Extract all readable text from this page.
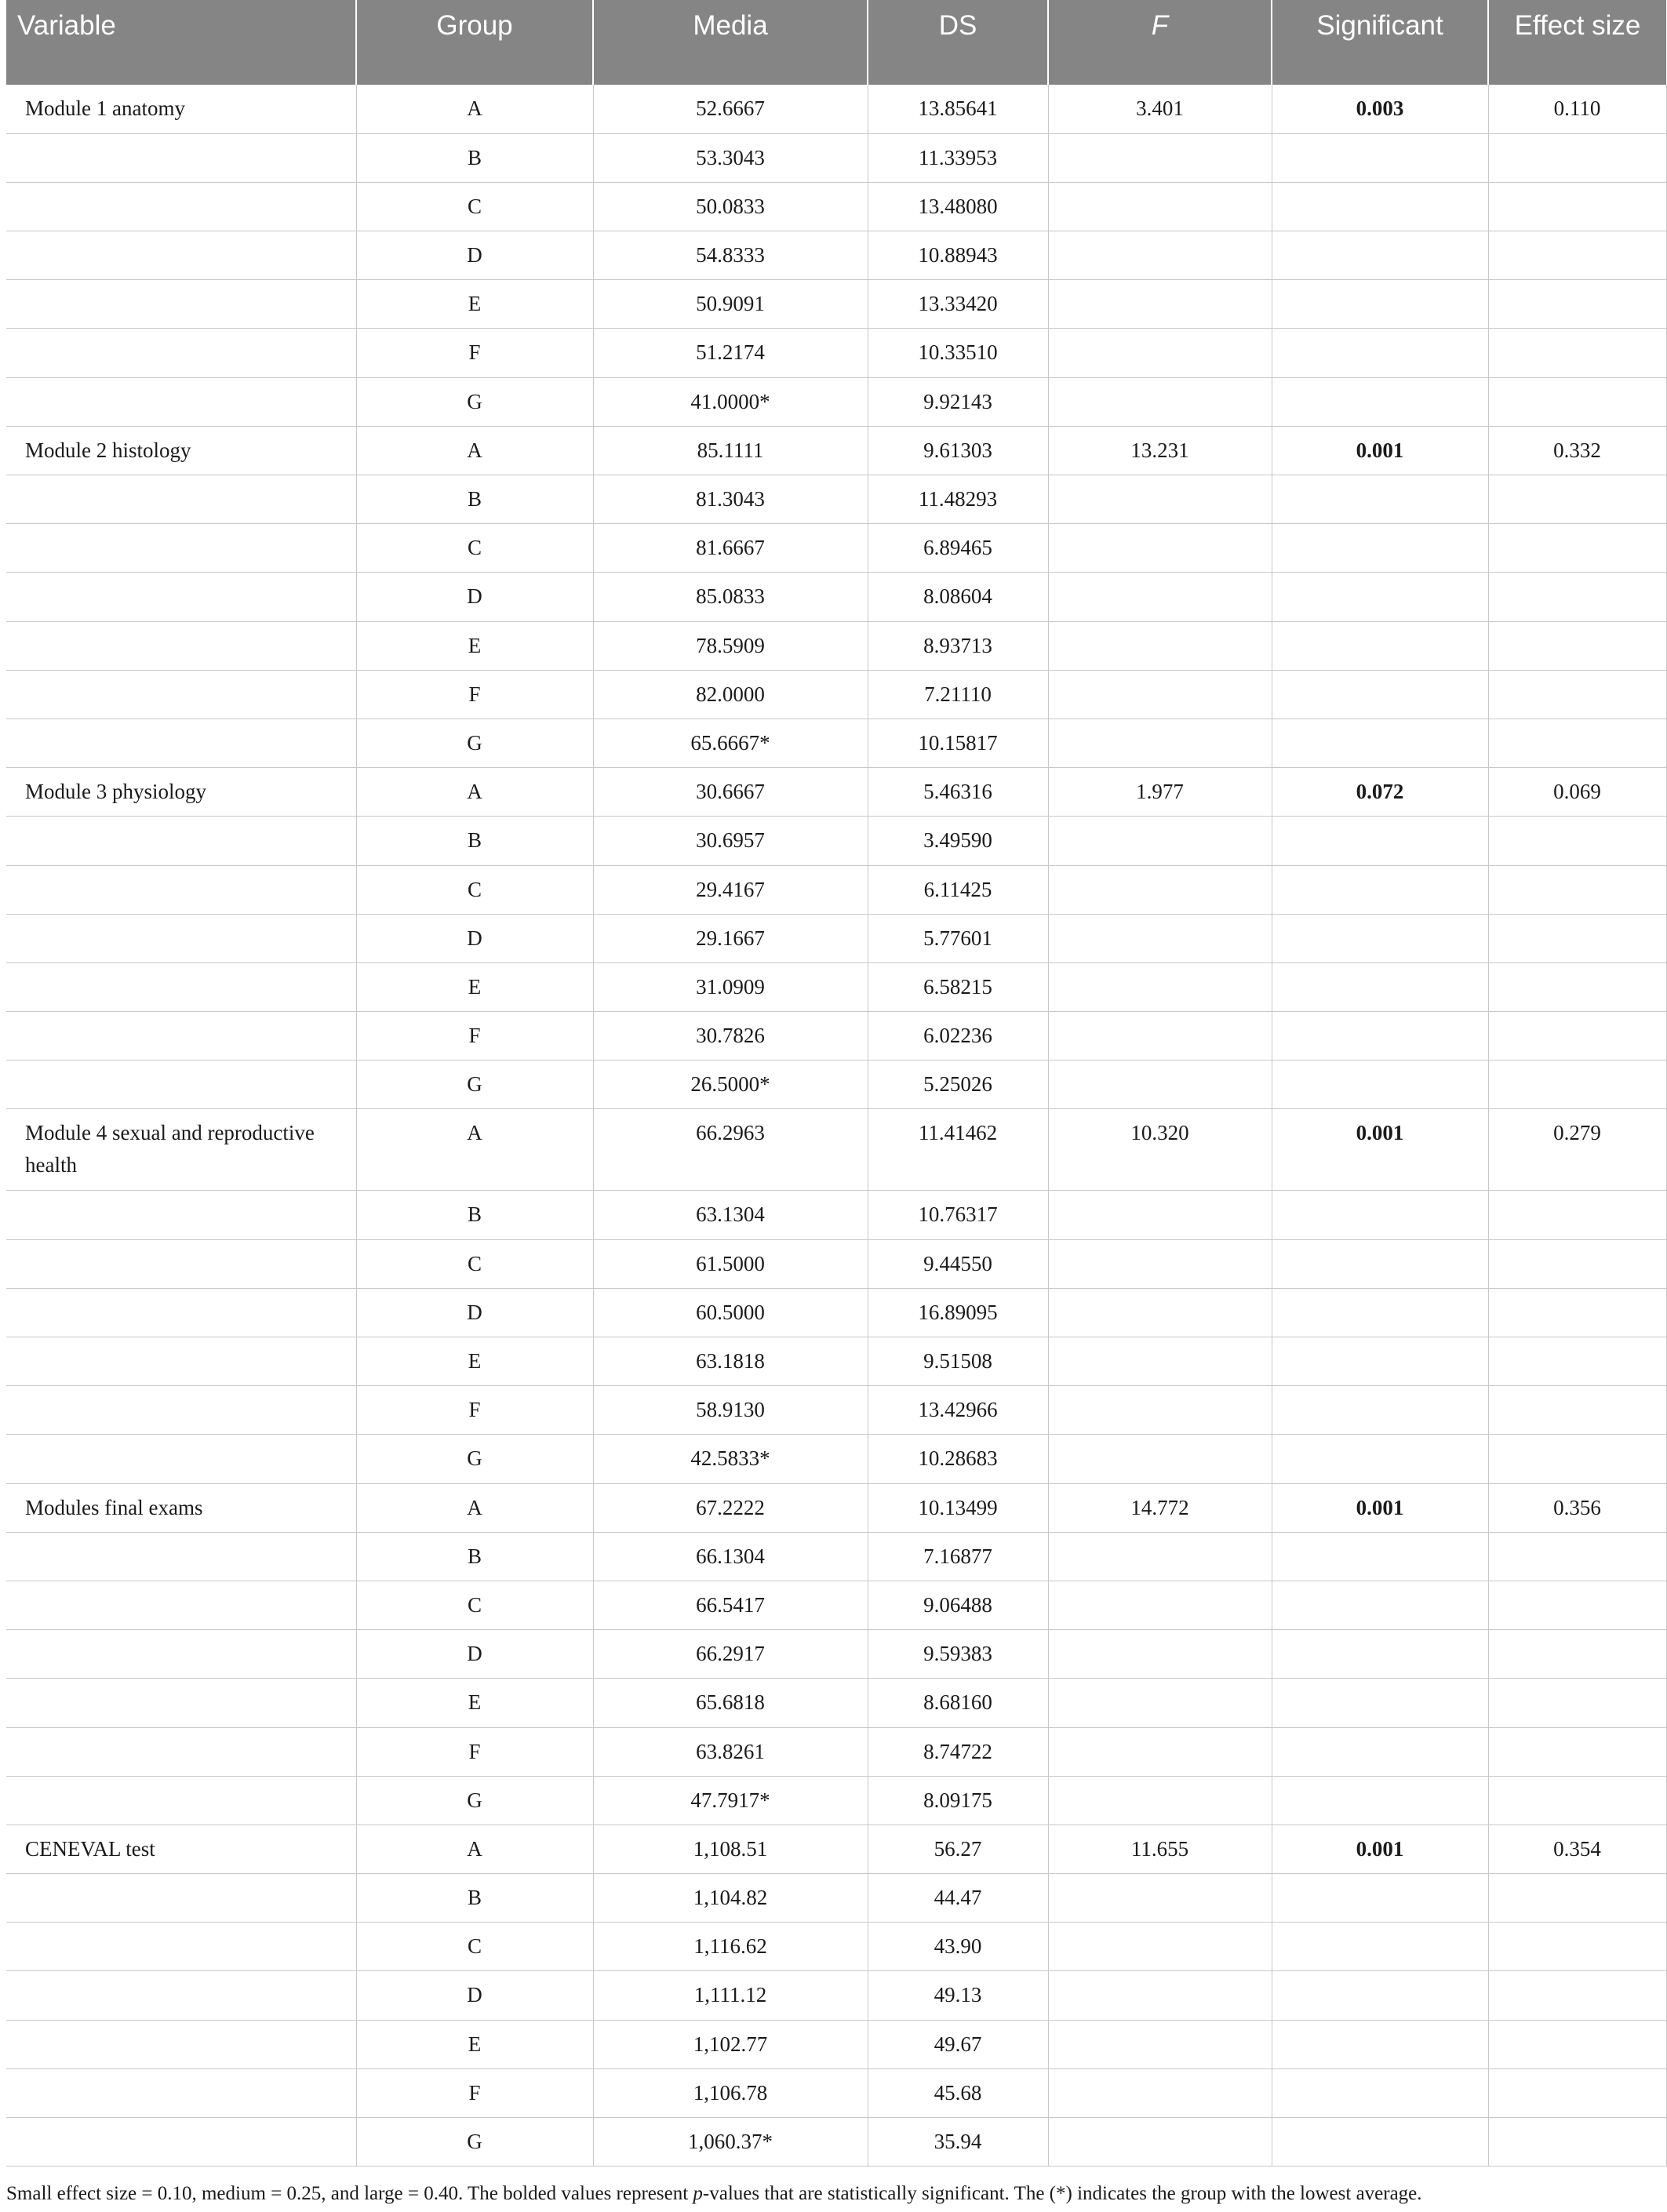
Variable	Group	Media	DS	F	Significant	Effect size

Module 1 anatomy	A	52.6667	13.85641	3.401	0.003	0.110
	B	53.3043	11.33953			
	C	50.0833	13.48080			
	D	54.8333	10.88943			
	E	50.9091	13.33420			
	F	51.2174	10.33510			
	G	41.0000*	9.92143			
Module 2 histology	A	85.1111	9.61303	13.231	0.001	0.332
	B	81.3043	11.48293			
	C	81.6667	6.89465			
	D	85.0833	8.08604			
	E	78.5909	8.93713			
	F	82.0000	7.21110			
	G	65.6667*	10.15817			
Module 3 physiology	A	30.6667	5.46316	1.977	0.072	0.069
	B	30.6957	3.49590			
	C	29.4167	6.11425			
	D	29.1667	5.77601			
	E	31.0909	6.58215			
	F	30.7826	6.02236			
	G	26.5000*	5.25026			
Module 4 sexual and reproductive health	A	66.2963	11.41462	10.320	0.001	0.279
	B	63.1304	10.76317			
	C	61.5000	9.44550			
	D	60.5000	16.89095			
	E	63.1818	9.51508			
	F	58.9130	13.42966			
	G	42.5833*	10.28683			
Modules final exams	A	67.2222	10.13499	14.772	0.001	0.356
	B	66.1304	7.16877			
	C	66.5417	9.06488			
	D	66.2917	9.59383			
	E	65.6818	8.68160			
	F	63.8261	8.74722			
	G	47.7917*	8.09175			
CENEVAL test	A	1,108.51	56.27	11.655	0.001	0.354
	B	1,104.82	44.47			
	C	1,116.62	43.90			
	D	1,111.12	49.13			
	E	1,102.77	49.67			
	F	1,106.78	45.68			
	G	1,060.37*	35.94			
Small effect size = 0.10, medium = 0.25, and large = 0.40. The bolded values represent p-values that are statistically significant. The (*) indicates the group with the lowest average.
